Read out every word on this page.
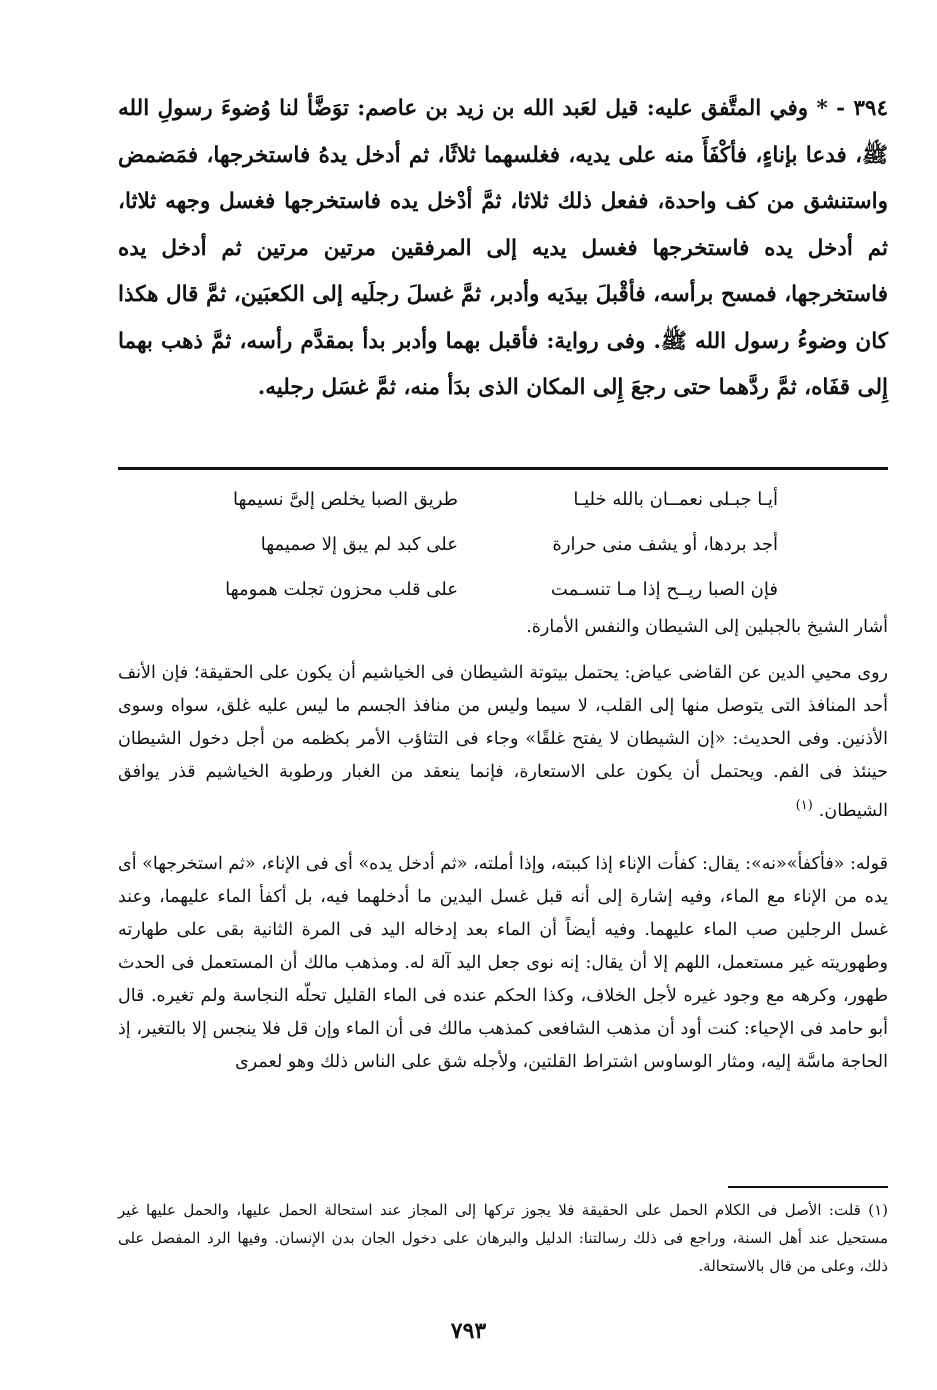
٣٩٤ - * وفي المتَّفق عليه: قيل لعَبد الله بن زيد بن عاصم: توَضَّأ لنا وُضوءَ رسولِ الله ﷺ، فدعا بإناءٍ، فأكْفَأَ منه على يديه، فغلسهما ثلاثًا، ثم أدخل يدهُ فاستخرجها، فمَضمض واستنشق من كف واحدة، ففعل ذلك ثلاثا، ثمَّ أدْخل يده فاستخرجها فغسل وجهه ثلاثا، ثم أدخل يده فاستخرجها فغسل يديه إلى المرفقين مرتين مرتين ثم أدخل يده فاستخرجها، فمسح برأسه، فأقْبلَ بيدَيه وأدبر، ثمَّ غسلَ رجلَيه إلى الكعبَين، ثمَّ قال هكذا كان وضوءُ رسول الله ﷺ. وفى رواية: فأقبل بهما وأدبر بدأ بمقدَّم رأسه، ثمَّ ذهب بهما إِلى قفَاه، ثمَّ ردَّهما حتى رجعَ إِلى المكان الذى بدَأ منه، ثمَّ غسَل رجليه.
أيـا جبـلى نعمــان بالله خليـا
طريق الصبا يخلص إلىَّ نسيمها
أجد بردها، أو يشف منى حرارة
على كبد لم يبق إلا صميمها
فإن الصبا ريــح إذا مـا تنسـمت
على قلب محزون تجلت همومها
أشار الشيخ بالجبلين إلى الشيطان والنفس الأمارة.
روى محيي الدين عن القاضى عياض: يحتمل بيتوتة الشيطان فى الخياشيم أن يكون على الحقيقة؛ فإن الأنف أحد المنافذ التى يتوصل منها إلى القلب، لا سيما وليس من منافذ الجسم ما ليس عليه غلق، سواه وسوى الأذنين. وفى الحديث: «إن الشيطان لا يفتح غلقًا» وجاء فى التثاؤب الأمر بكظمه من أجل دخول الشيطان حينئذ فى الفم. ويحتمل أن يكون على الاستعارة، فإنما ينعقد من الغبار ورطوبة الخياشيم قذر يوافق الشيطان.$^{(١)}$
قوله: «فأكفأ»«نه»: يقال: كفأت الإناء إذا كببته، وإذا أملته، «ثم أدخل يده» أى فى الإناء، «ثم استخرجها» أى يده من الإناء مع الماء، وفيه إشارة إلى أنه قبل غسل اليدين ما أدخلهما فيه، بل أكفأ الماء عليهما، وعند غسل الرجلين صب الماء عليهما. وفيه أيضاً أن الماء بعد إدخاله اليد فى المرة الثانية بقى على طهارته وطهوريته غير مستعمل، اللهم إلا أن يقال: إنه نوى جعل اليد آلة له. ومذهب مالك أن المستعمل فى الحدث طهور، وكرهه مع وجود غيره لأجل الخلاف، وكذا الحكم عنده فى الماء القليل تحلّه النجاسة ولم تغيره. قال أبو حامد فى الإحياء: كنت أود أن مذهب الشافعى كمذهب مالك فى أن الماء وإن قل فلا ينجس إلا بالتغير، إذ الحاجة ماسَّة إليه، ومثار الوساوس اشتراط القلتين، ولأجله شق على الناس ذلك وهو لعمرى
(١) قلت: الأصل فى الكلام الحمل على الحقيقة فلا يجوز تركها إلى المجاز عند استحالة الحمل عليها، والحمل عليها غير مستحيل عند أهل السنة، وراجع فى ذلك رسالتنا: الدليل والبرهان على دخول الجان بدن الإنسان. وفيها الرد المفصل على ذلك، وعلى من قال بالاستحالة.
٧٩٣
